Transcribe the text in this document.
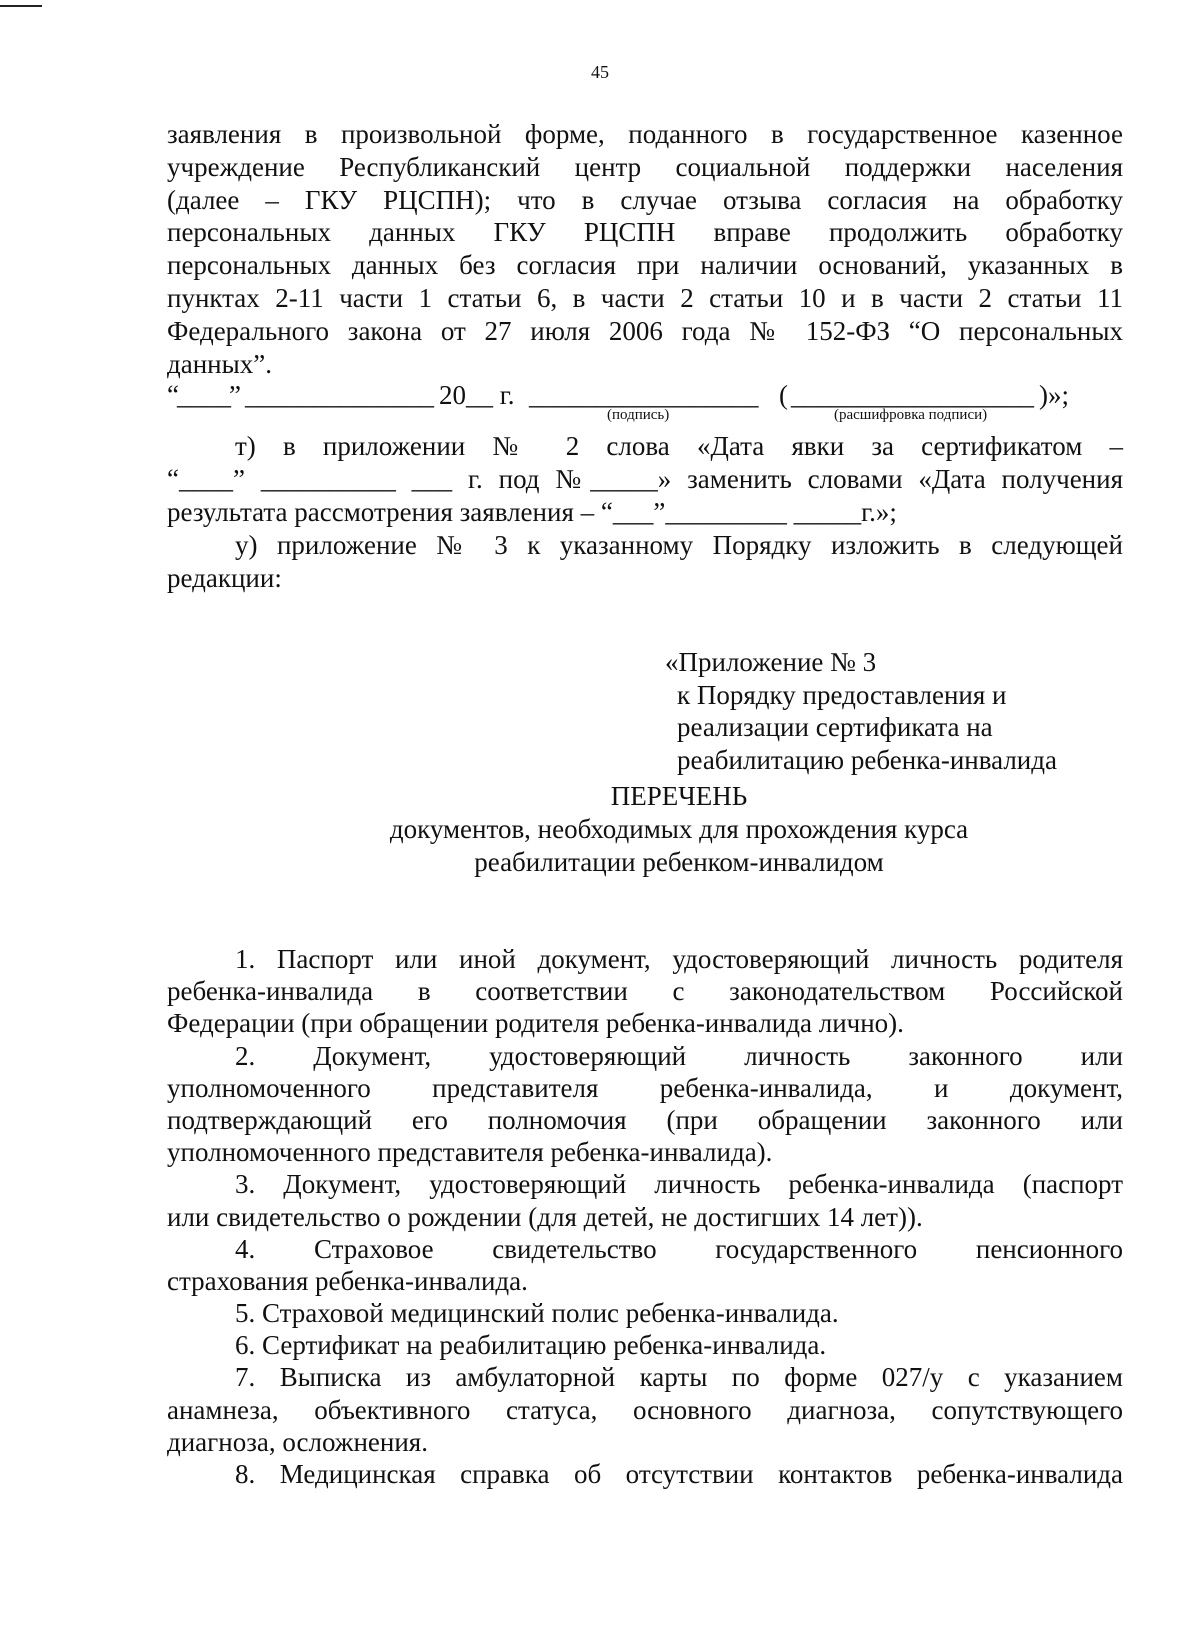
45
заявления в произвольной форме, поданного в государственное казенное
учреждение Республиканский центр социальной поддержки населения
(далее – ГКУ РЦСПН); что в случае отзыва согласия на обработку
персональных данных ГКУ РЦСПН вправе продолжить обработку
персональных данных без согласия при наличии оснований, указанных в
пунктах 2-11 части 1 статьи 6, в части 2 статьи 10 и в части 2 статьи 11
Федерального закона от 27 июля 2006 года № 152-ФЗ “О персональных
данных”.
“
____
” ______________ 20__ г. _________________ ( __________________ )»;
(подпись)	(расшифровка подписи)
т) в приложении № 2 слова «Дата явки за сертификатом –
“____” __________ ___ г. под №_____» заменить словами «Дата получения
результата рассмотрения заявления – “___”_________ _____г.»;
у) приложение № 3 к указанному Порядку изложить в следующей
редакции:
«Приложение № 3
к Порядку предоставления и
реализации сертификата на
реабилитацию ребенка-инвалида
ПЕРЕЧЕНЬ
документов, необходимых для прохождения курса
реабилитации ребенком-инвалидом
1. Паспорт или иной документ, удостоверяющий личность родителя
ребенка-инвалида в соответствии с законодательством Российской
Федерации (при обращении родителя ребенка-инвалида лично).
2. Документ, удостоверяющий личность законного или
уполномоченного представителя ребенка-инвалида, и документ,
подтверждающий его полномочия (при обращении законного или
уполномоченного представителя ребенка-инвалида).
3. Документ, удостоверяющий личность ребенка-инвалида (паспорт
или свидетельство о рождении (для детей, не достигших 14 лет)).
4. Страховое свидетельство государственного пенсионного
страхования ребенка-инвалида.
5. Страховой медицинский полис ребенка-инвалида.
6. Сертификат на реабилитацию ребенка-инвалида.
7. Выписка из амбулаторной карты по форме 027/у с указанием
анамнеза, объективного статуса, основного диагноза, сопутствующего
диагноза, осложнения.
8. Медицинская справка об отсутствии контактов ребенка-инвалида
